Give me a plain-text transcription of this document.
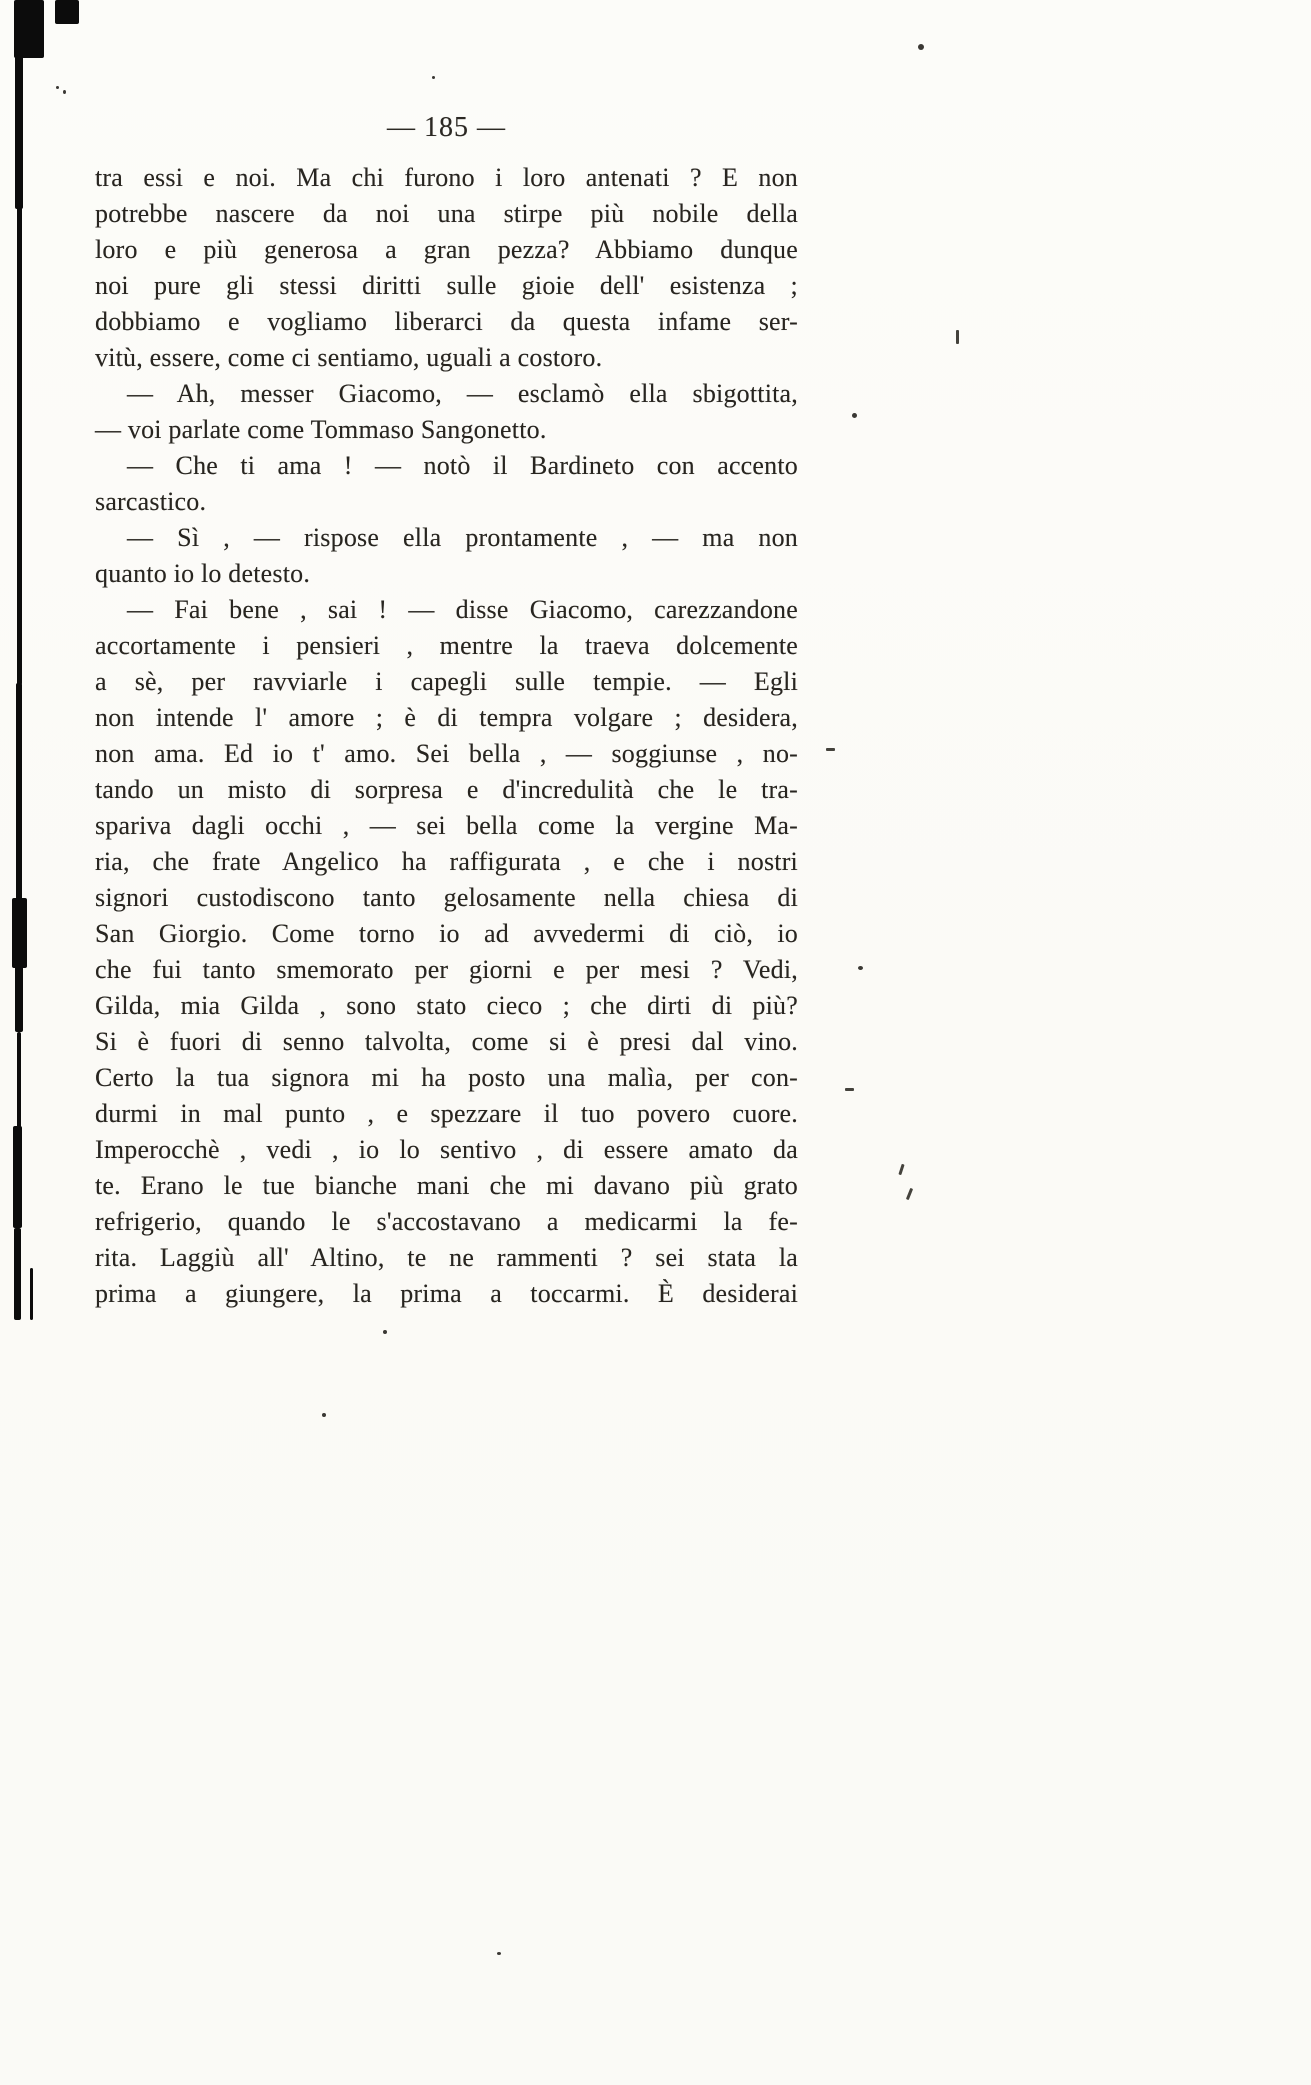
— 185 —
tra essi e noi. Ma chi furono i loro antenati ? E non
potrebbe nascere da noi una stirpe più nobile della
loro e più generosa a gran pezza? Abbiamo dunque
noi pure gli stessi diritti sulle gioie dell' esistenza ;
dobbiamo e vogliamo liberarci da questa infame ser-
vitù, essere, come ci sentiamo, uguali a costoro.
— Ah, messer Giacomo, — esclamò ella sbigottita,
— voi parlate come Tommaso Sangonetto.
— Che ti ama ! — notò il Bardineto con accento
sarcastico.
— Sì , — rispose ella prontamente , — ma non
quanto io lo detesto.
— Fai bene , sai ! — disse Giacomo, carezzandone
accortamente i pensieri , mentre la traeva dolcemente
a sè, per ravviarle i capegli sulle tempie. — Egli
non intende l' amore ; è di tempra volgare ; desidera,
non ama. Ed io t' amo. Sei bella , — soggiunse , no-
tando un misto di sorpresa e d'incredulità che le tra-
spariva dagli occhi , — sei bella come la vergine Ma-
ria, che frate Angelico ha raffigurata , e che i nostri
signori custodiscono tanto gelosamente nella chiesa di
San Giorgio. Come torno io ad avvedermi di ciò, io
che fui tanto smemorato per giorni e per mesi ? Vedi,
Gilda, mia Gilda , sono stato cieco ; che dirti di più?
Si è fuori di senno talvolta, come si è presi dal vino.
Certo la tua signora mi ha posto una malìa, per con-
durmi in mal punto , e spezzare il tuo povero cuore.
Imperocchè , vedi , io lo sentivo , di essere amato da
te. Erano le tue bianche mani che mi davano più grato
refrigerio, quando le s'accostavano a medicarmi la fe-
rita. Laggiù all' Altino, te ne rammenti ? sei stata la
prima a giungere, la prima a toccarmi. È desiderai
